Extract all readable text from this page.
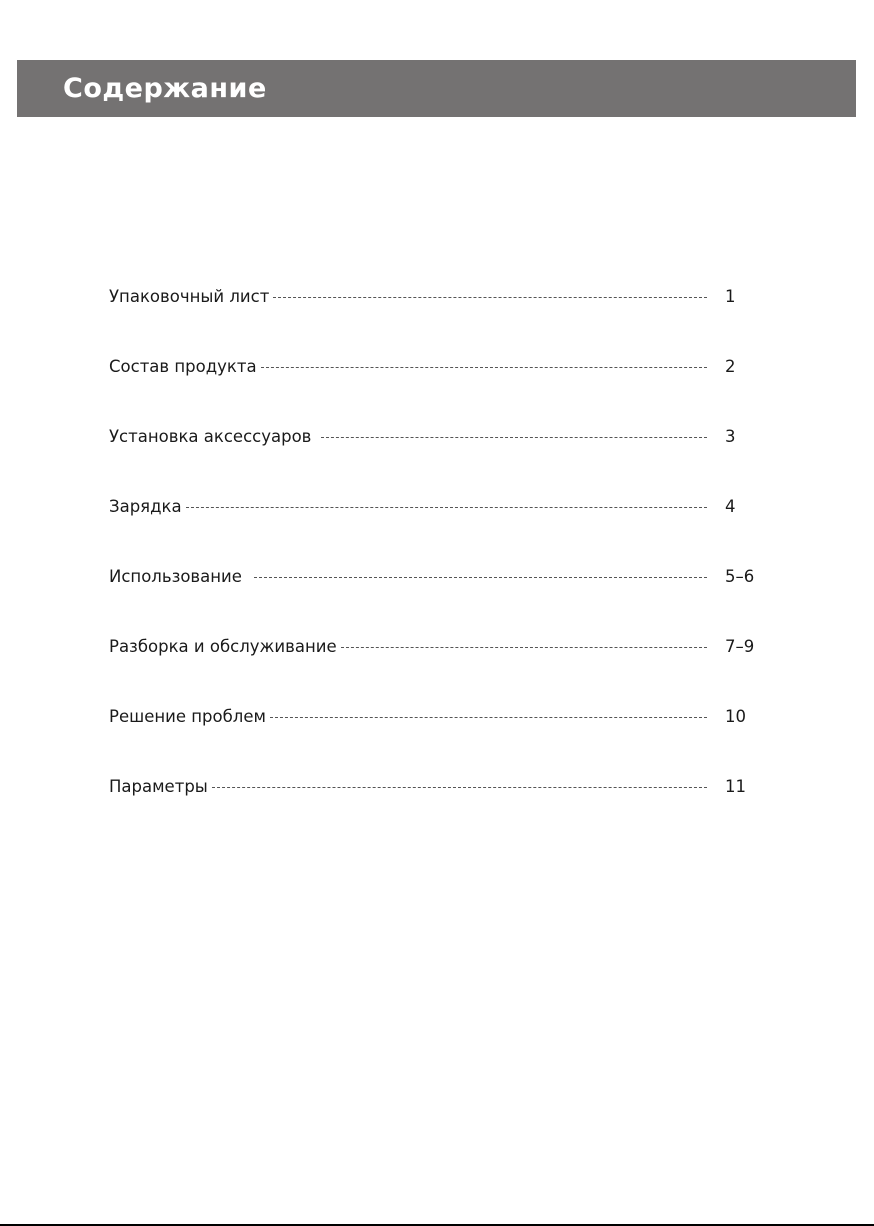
Содержание
Упаковочный лист	1
Состав продукта	2
Установка аксессуаров	3
Зарядка	4
Использование	5–6
Разборка и обслуживание	7–9
Решение проблем	10
Параметры	11
